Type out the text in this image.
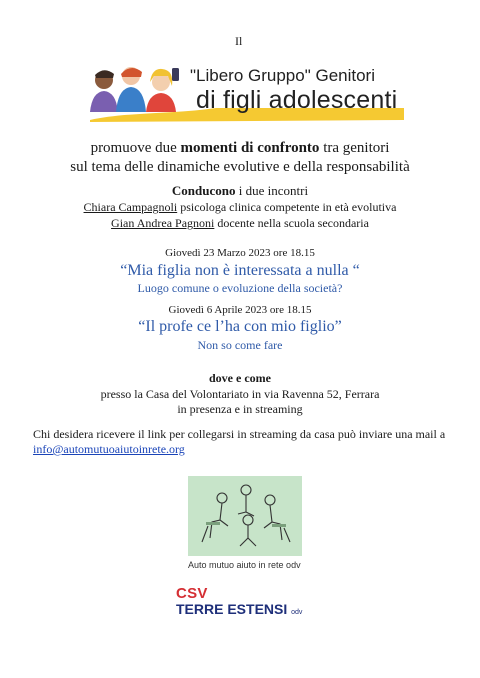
Il
"Libero Gruppo" Genitori
di figli adolescenti
promuove due momenti di confronto tra genitori
sul tema delle dinamiche evolutive e della responsabilità
Conducono i due incontri
Chiara Campagnoli psicologa clinica competente in età evolutiva
Gian Andrea Pagnoni docente nella scuola secondaria
Giovedì 23 Marzo 2023 ore 18.15
“Mia figlia non è interessata a nulla “
Luogo comune o evoluzione della società?
Giovedì 6 Aprile 2023 ore 18.15
“Il profe ce l’ha con mio figlio”
Non so come fare
dove e come
presso la Casa del Volontariato in via Ravenna 52, Ferrara
in presenza e in streaming
Chi desidera ricevere il link per collegarsi in streaming da casa può inviare una mail a
info@automutuoaiutoinrete.org
Auto mutuo aiuto in rete odv
CSV
TERRE ESTENSI odv
